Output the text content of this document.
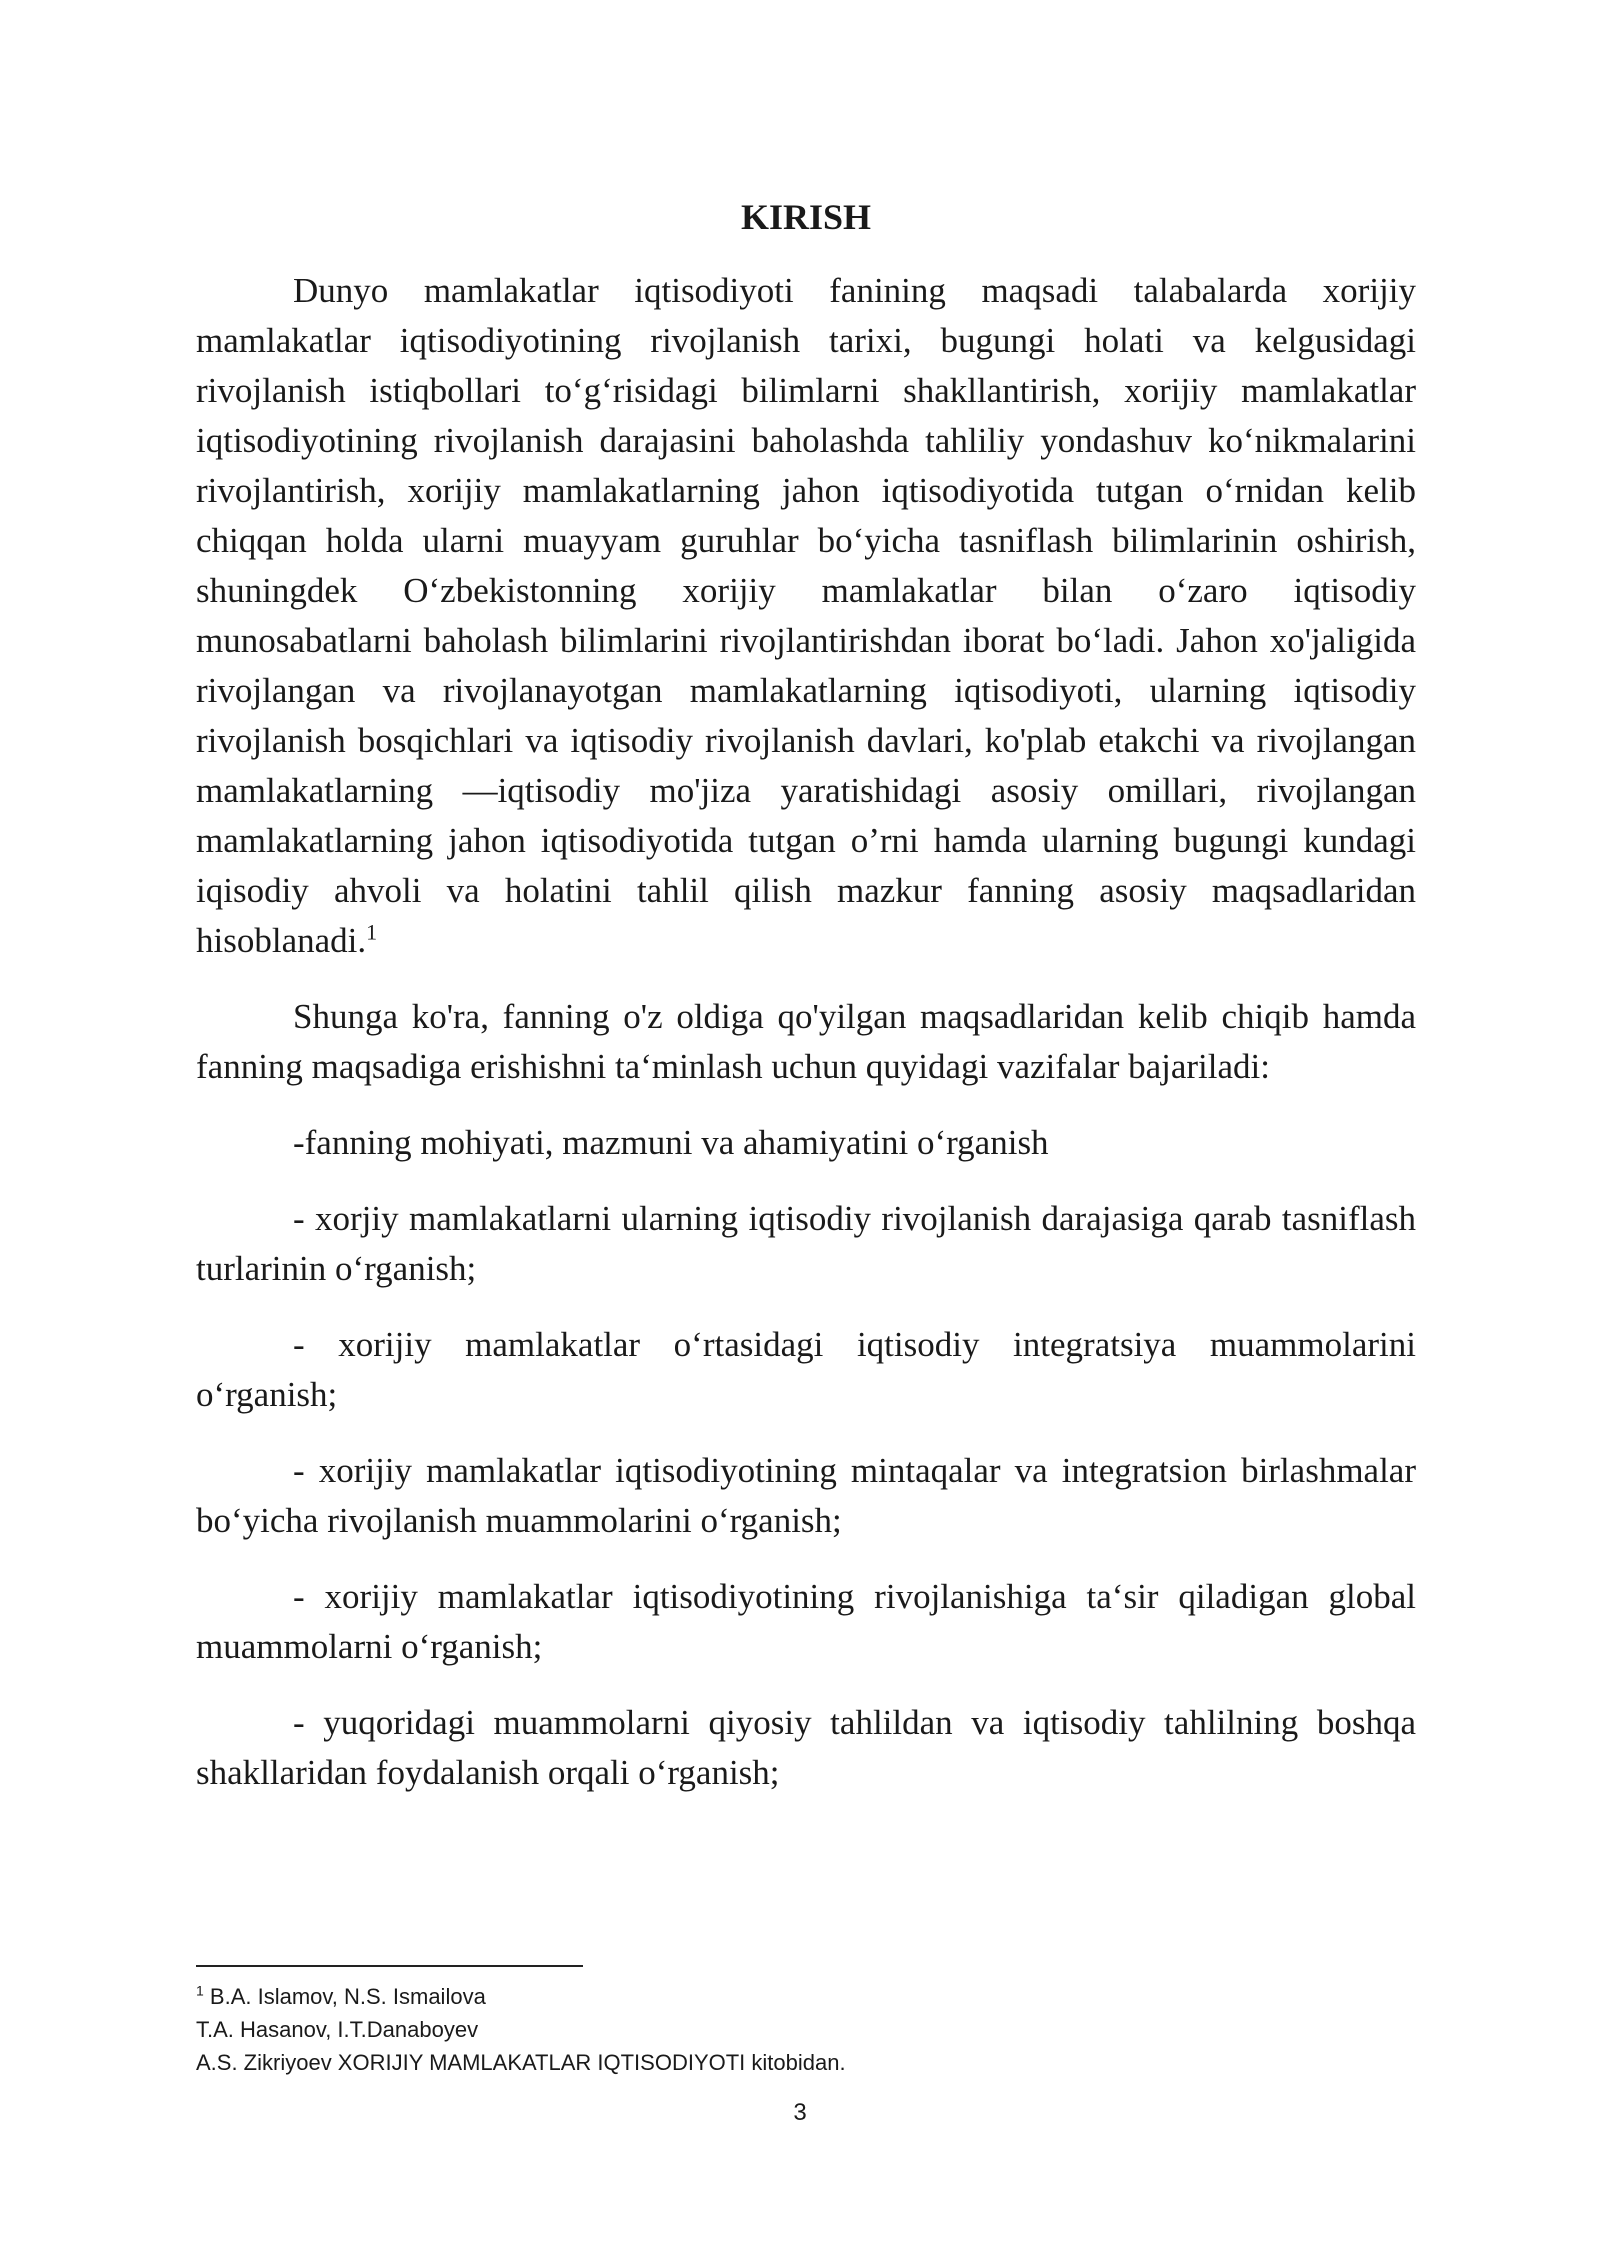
KIRISH

Dunyo mamlakatlar iqtisodiyoti fanining maqsadi talabalarda xorijiy mamlakatlar iqtisodiyotining rivojlanish tarixi, bugungi holati va kelgusidagi rivojlanish istiqbollari toʻgʻrisidagi bilimlarni shakllantirish, xorijiy mamlakatlar iqtisodiyotining rivojlanish darajasini baholashda tahliliy yondashuv koʻnikmalarini rivojlantirish, xorijiy mamlakatlarning jahon iqtisodiyotida tutgan oʻrnidan kelib chiqqan holda ularni muayyam guruhlar boʻyicha tasniflash bilimlarinin oshirish, shuningdek Oʻzbekistonning xorijiy mamlakatlar bilan oʻzaro iqtisodiy munosabatlarni baholash bilimlarini rivojlantirishdan iborat boʻladi. Jahon xo'jaligida rivojlangan va rivojlanayotgan mamlakatlarning iqtisodiyoti, ularning iqtisodiy rivojlanish bosqichlari va iqtisodiy rivojlanish davlari, ko'plab etakchi va rivojlangan mamlakatlarning ―iqtisodiy mo'jiza yaratishidagi asosiy omillari, rivojlangan mamlakatlarning jahon iqtisodiyotida tutgan o’rni hamda ularning bugungi kundagi iqisodiy ahvoli va holatini tahlil qilish mazkur fanning asosiy maqsadlaridan hisoblanadi.$^1$

Shunga ko'ra, fanning o'z oldiga qo'yilgan maqsadlaridan kelib chiqib hamda fanning maqsadiga erishishni taʻminlash uchun quyidagi vazifalar bajariladi:

-fanning mohiyati, mazmuni va ahamiyatini oʻrganish

- xorjiy mamlakatlarni ularning iqtisodiy rivojlanish darajasiga qarab tasniflash turlarinin oʻrganish;

- xorijiy mamlakatlar oʻrtasidagi iqtisodiy integratsiya muammolarini oʻrganish;

- xorijiy mamlakatlar iqtisodiyotining mintaqalar va integratsion birlashmalar boʻyicha rivojlanish muammolarini oʻrganish;

- xorijiy mamlakatlar iqtisodiyotining rivojlanishiga taʻsir qiladigan global muammolarni oʻrganish;

- yuqoridagi muammolarni qiyosiy tahlildan va iqtisodiy tahlilning boshqa shakllaridan foydalanish orqali oʻrganish;

$^1$ B.A. Islamov, N.S. Ismailova
T.A. Hasanov, I.T.Danaboyev
A.S. Zikriyoev XORIJIY MAMLAKATLAR IQTISODIYOTI kitobidan.
3
